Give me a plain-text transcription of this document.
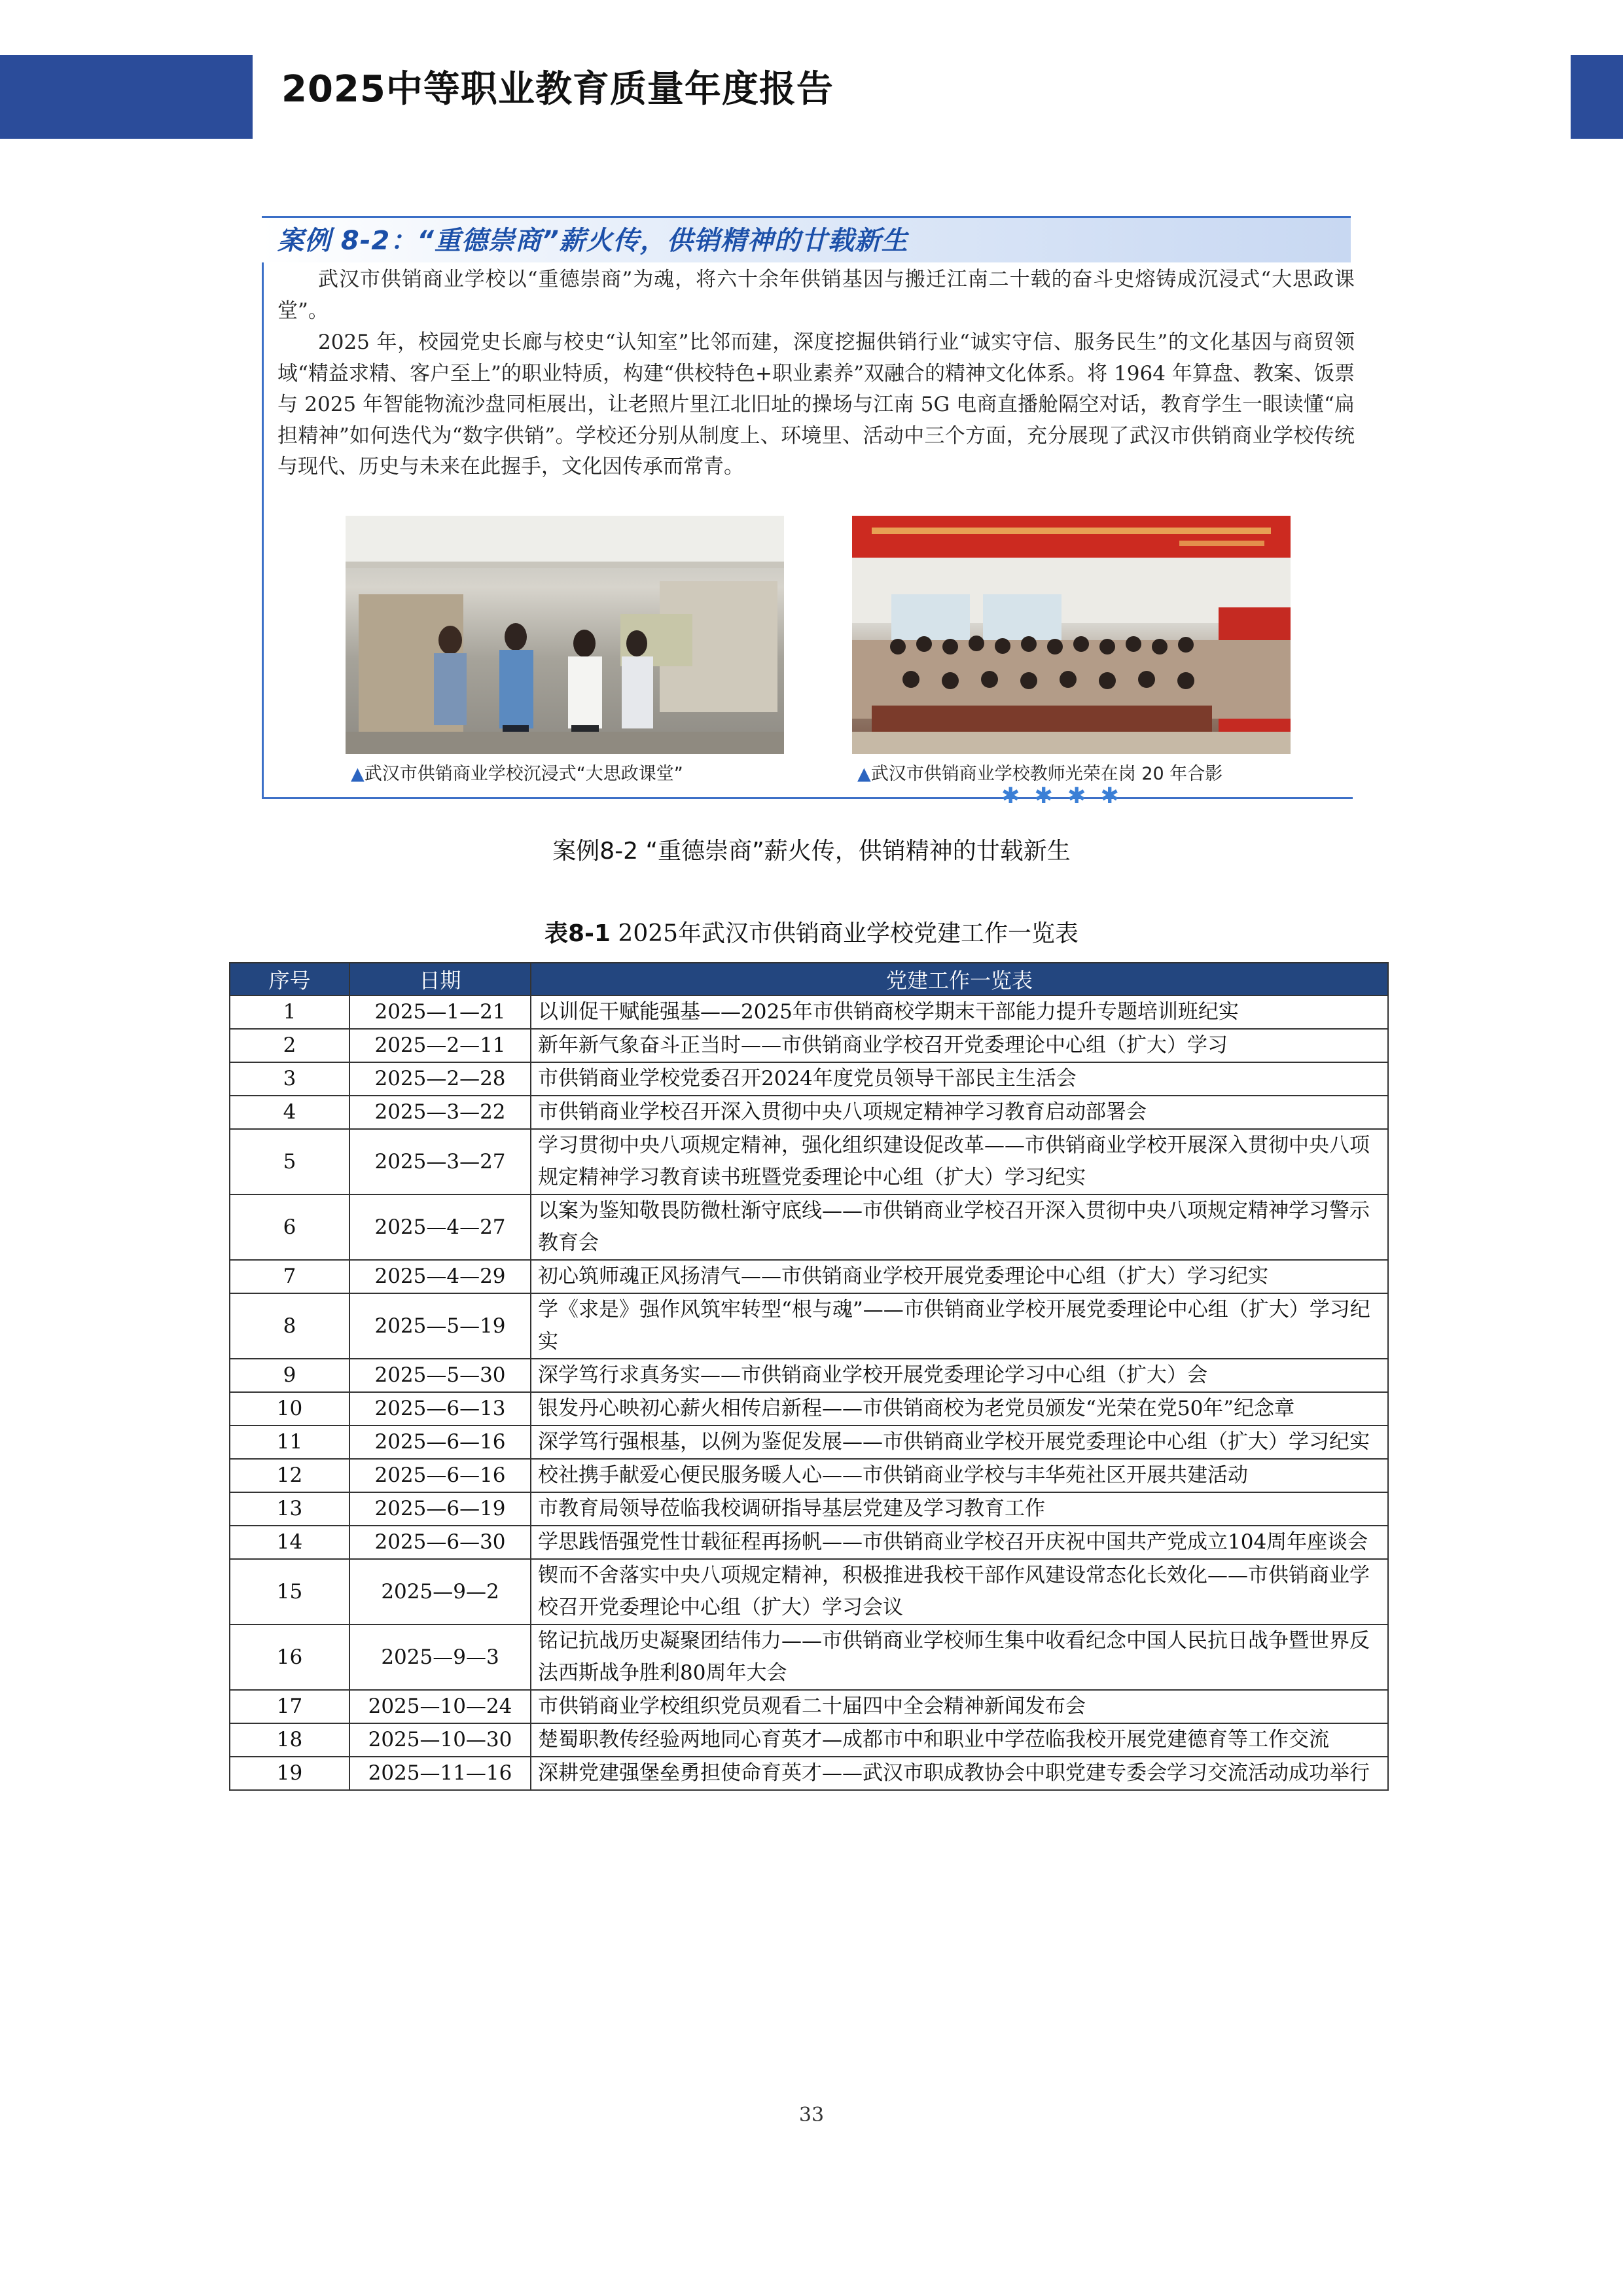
2025中等职业教育质量年度报告
案例 8-2：“重德崇商”薪火传，供销精神的廿载新生

武汉市供销商业学校以“重德崇商”为魂，将六十余年供销基因与搬迁江南二十载的奋斗史熔铸成沉浸式“大思政课堂”。

2025 年，校园党史长廊与校史“认知室”比邻而建，深度挖掘供销行业“诚实守信、服务民生”的文化基因与商贸领域“精益求精、客户至上”的职业特质，构建“供校特色+职业素养”双融合的精神文化体系。将 1964 年算盘、教案、饭票与 2025 年智能物流沙盘同柜展出，让老照片里江北旧址的操场与江南 5G 电商直播舱隔空对话，教育学生一眼读懂“扁担精神”如何迭代为“数字供销”。学校还分别从制度上、环境里、活动中三个方面，充分展现了武汉市供销商业学校传统与现代、历史与未来在此握手，文化因传承而常青。

▲武汉市供销商业学校沉浸式“大思政课堂”	▲武汉市供销商业学校教师光荣在岗 20 年合影
✱✱✱✱
案例8-2 “重德崇商”薪火传，供销精神的廿载新生
表8-1 2025年武汉市供销商业学校党建工作一览表
序号	日期	党建工作一览表
1	2025—1—21	以训促干赋能强基——2025年市供销商校学期末干部能力提升专题培训班纪实
2	2025—2—11	新年新气象奋斗正当时——市供销商业学校召开党委理论中心组（扩大）学习
3	2025—2—28	市供销商业学校党委召开2024年度党员领导干部民主生活会
4	2025—3—22	市供销商业学校召开深入贯彻中央八项规定精神学习教育启动部署会
5	2025—3—27	学习贯彻中央八项规定精神，强化组织建设促改革——市供销商业学校开展深入贯彻中央八项规定精神学习教育读书班暨党委理论中心组（扩大）学习纪实
6	2025—4—27	以案为鉴知敬畏防微杜渐守底线——市供销商业学校召开深入贯彻中央八项规定精神学习警示教育会
7	2025—4—29	初心筑师魂正风扬清气——市供销商业学校开展党委理论中心组（扩大）学习纪实
8	2025—5—19	学《求是》强作风筑牢转型“根与魂”——市供销商业学校开展党委理论中心组（扩大）学习纪实
9	2025—5—30	深学笃行求真务实——市供销商业学校开展党委理论学习中心组（扩大）会
10	2025—6—13	银发丹心映初心薪火相传启新程——市供销商校为老党员颁发“光荣在党50年”纪念章
11	2025—6—16	深学笃行强根基，以例为鉴促发展——市供销商业学校开展党委理论中心组（扩大）学习纪实
12	2025—6—16	校社携手献爱心便民服务暖人心——市供销商业学校与丰华苑社区开展共建活动
13	2025—6—19	市教育局领导莅临我校调研指导基层党建及学习教育工作
14	2025—6—30	学思践悟强党性廿载征程再扬帆——市供销商业学校召开庆祝中国共产党成立104周年座谈会
15	2025—9—2	锲而不舍落实中央八项规定精神，积极推进我校干部作风建设常态化长效化——市供销商业学校召开党委理论中心组（扩大）学习会议
16	2025—9—3	铭记抗战历史凝聚团结伟力——市供销商业学校师生集中收看纪念中国人民抗日战争暨世界反法西斯战争胜利80周年大会
17	2025—10—24	市供销商业学校组织党员观看二十届四中全会精神新闻发布会
18	2025—10—30	楚蜀职教传经验两地同心育英才—成都市中和职业中学莅临我校开展党建德育等工作交流
19	2025—11—16	深耕党建强堡垒勇担使命育英才——武汉市职成教协会中职党建专委会学习交流活动成功举行
33
